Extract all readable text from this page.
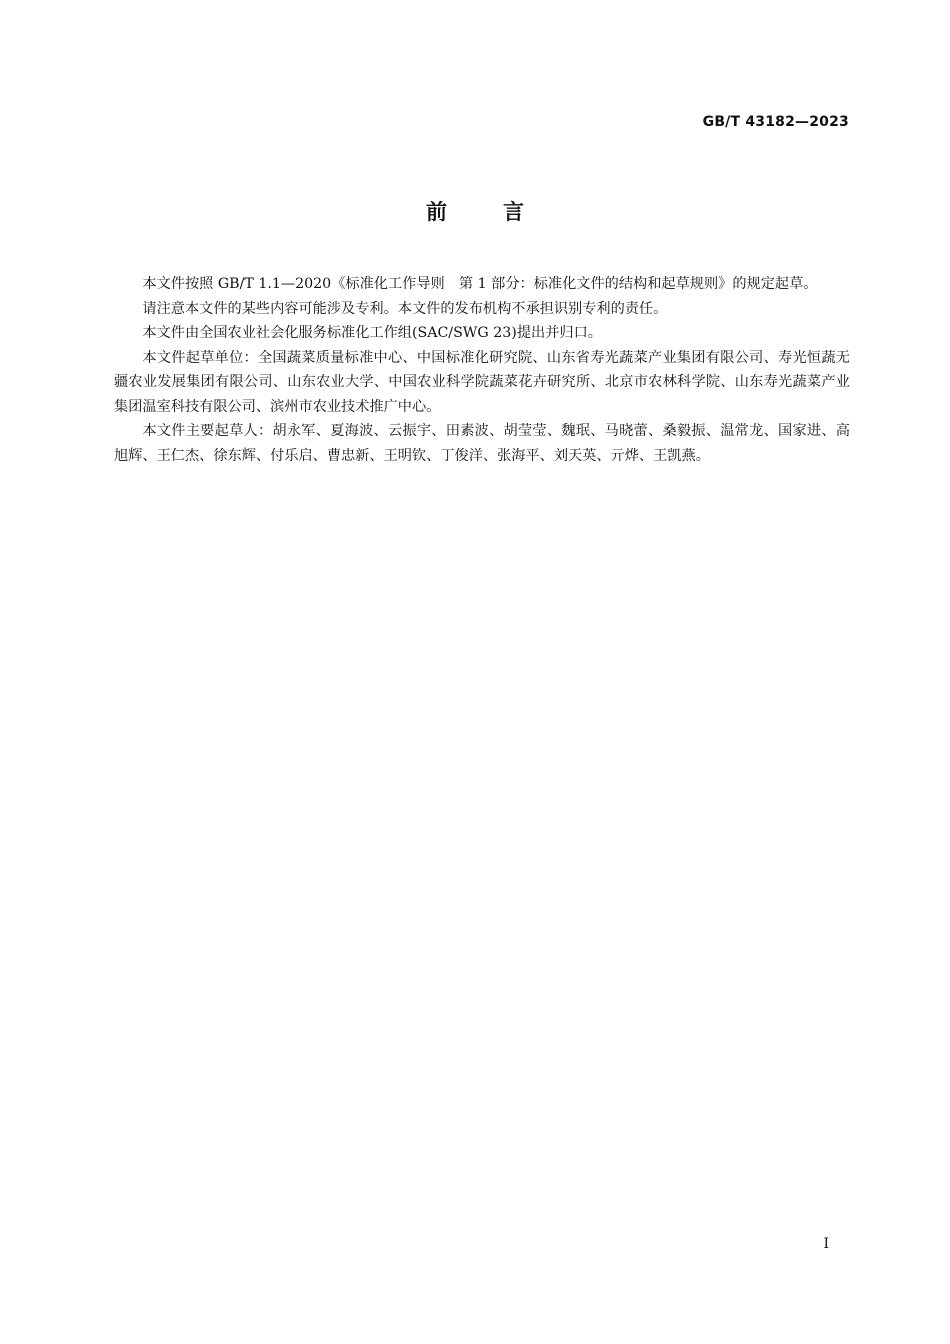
GB/T 43182—2023
前言

本文件按照 GB/T 1.1—2020《标准化工作导则　第 1 部分：标准化文件的结构和起草规则》的规定起草。

请注意本文件的某些内容可能涉及专利。本文件的发布机构不承担识别专利的责任。

本文件由全国农业社会化服务标准化工作组(SAC/SWG 23)提出并归口。

本文件起草单位：全国蔬菜质量标准中心、中国标准化研究院、山东省寿光蔬菜产业集团有限公司、寿光恒蔬无疆农业发展集团有限公司、山东农业大学、中国农业科学院蔬菜花卉研究所、北京市农林科学院、山东寿光蔬菜产业集团温室科技有限公司、滨州市农业技术推广中心。

本文件主要起草人：胡永军、夏海波、云振宇、田素波、胡莹莹、魏珉、马晓蕾、桑毅振、温常龙、国家进、高旭辉、王仁杰、徐东辉、付乐启、曹忠新、王明钦、丁俊洋、张海平、刘天英、亓烨、王凯燕。

I
